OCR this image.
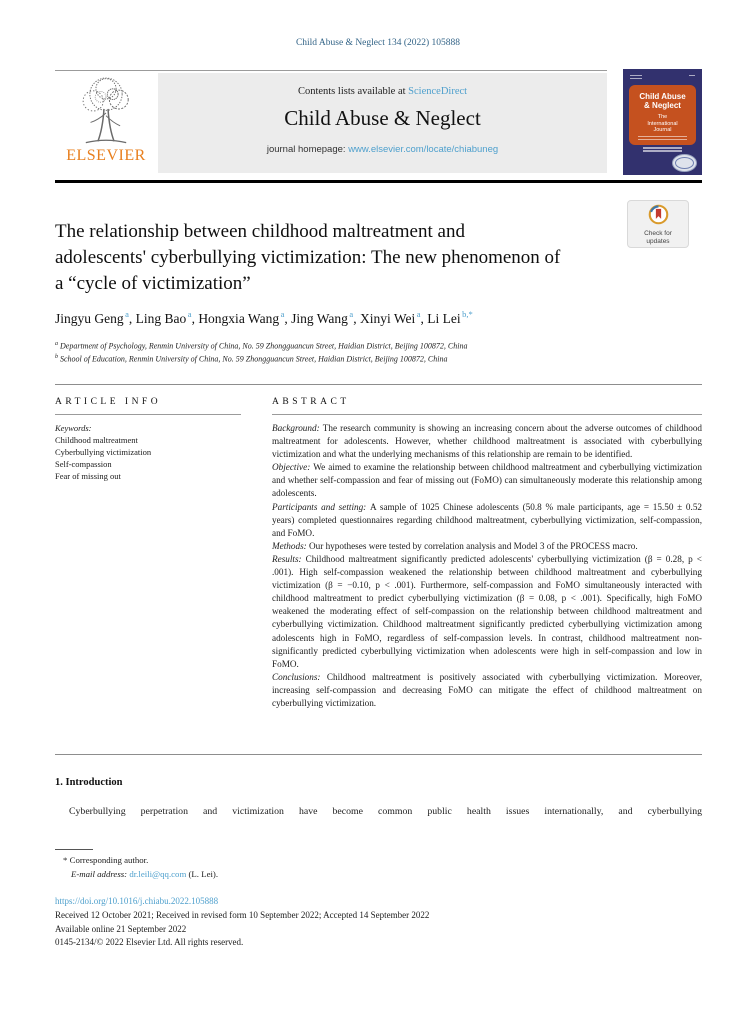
Child Abuse & Neglect 134 (2022) 105888
ELSEVIER
Contents lists available at ScienceDirect
Child Abuse & Neglect
journal homepage: www.elsevier.com/locate/chiabuneg
Child Abuse
& Neglect
The
International
Journal
Check for
updates
The relationship between childhood maltreatment and
adolescents' cyberbullying victimization: The new phenomenon of
a “cycle of victimization”
Jingyu Geng $^a$, Ling Bao $^a$, Hongxia Wang $^a$, Jing Wang $^a$, Xinyi Wei $^a$, Li Lei $^{b,*}$
$^a$ Department of Psychology, Renmin University of China, No. 59 Zhongguancun Street, Haidian District, Beijing 100872, China
$^b$ School of Education, Renmin University of China, No. 59 Zhongguancun Street, Haidian District, Beijing 100872, China
ARTICLE INFO
Keywords:
Childhood maltreatment
Cyberbullying victimization
Self-compassion
Fear of missing out
ABSTRACT
Background: The research community is showing an increasing concern about the adverse outcomes of childhood maltreatment for adolescents. However, whether childhood maltreatment is associated with cyberbullying victimization and what the underlying mechanisms of this relationship are remain to be identified.
Objective: We aimed to examine the relationship between childhood maltreatment and cyberbullying victimization and whether self-compassion and fear of missing out (FoMO) can simultaneously moderate this relationship among adolescents.
Participants and setting: A sample of 1025 Chinese adolescents (50.8 % male participants, age = 15.50 ± 0.52 years) completed questionnaires regarding childhood maltreatment, cyberbullying victimization, self-compassion, and FoMO.
Methods: Our hypotheses were tested by correlation analysis and Model 3 of the PROCESS macro.
Results: Childhood maltreatment significantly predicted adolescents' cyberbullying victimization (β = 0.28, p < .001). High self-compassion weakened the relationship between childhood maltreatment and cyberbullying victimization (β = −0.10, p < .001). Furthermore, self-compassion and FoMO simultaneously interacted with childhood maltreatment to predict cyberbullying victimization (β = 0.08, p < .001). Specifically, high FoMO weakened the moderating effect of self-compassion on the relationship between childhood maltreatment and cyberbullying victimization. Childhood maltreatment significantly predicted cyberbullying victimization among adolescents high in FoMO, regardless of self-compassion levels. In contrast, childhood maltreatment non-significantly predicted cyberbullying victimization when adolescents were high in self-compassion and low in FoMO.
Conclusions: Childhood maltreatment is positively associated with cyberbullying victimization. Moreover, increasing self-compassion and decreasing FoMO can mitigate the effect of childhood maltreatment on cyberbullying victimization.
1. Introduction
Cyberbullying perpetration and victimization have become common public health issues internationally, and cyberbullying
* Corresponding author.
E-mail address: dr.leili@qq.com (L. Lei).
https://doi.org/10.1016/j.chiabu.2022.105888
Received 12 October 2021; Received in revised form 10 September 2022; Accepted 14 September 2022
Available online 21 September 2022
0145-2134/© 2022 Elsevier Ltd. All rights reserved.
